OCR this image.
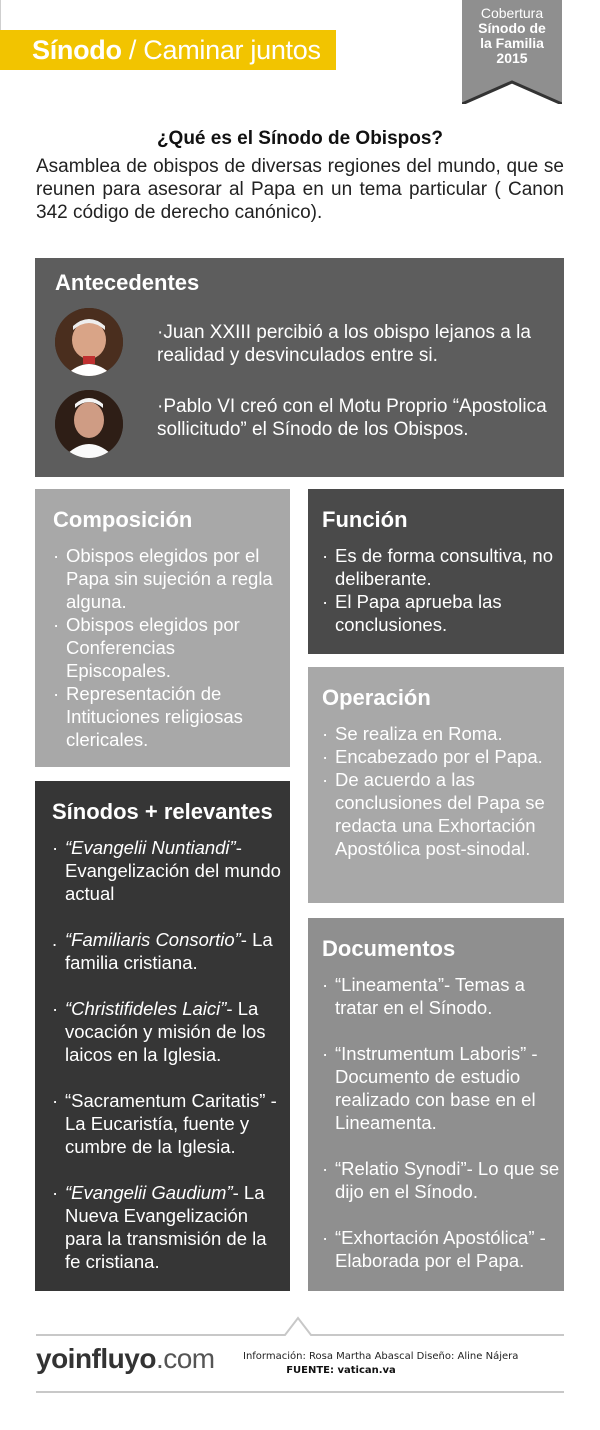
Sínodo / Caminar juntos
Cobertura
Sínodo de
la Familia
2015
¿Qué es el Sínodo de Obispos?
Asamblea de obispos de diversas regiones del mundo, que se reunen para asesorar al Papa en un tema particular ( Canon 342 código de derecho canónico).
Antecedentes
·Juan XXIII percibió a los obispo lejanos a la realidad y desvinculados entre si.
·Pablo VI creó con el Motu Proprio “Apostolica sollicitudo” el Sínodo de los Obispos.
Composición
· Obispos elegidos por el Papa sin sujeción a regla alguna.
· Obispos elegidos por Conferencias Episcopales.
· Representación de Intituciones religiosas clericales.
Función
· Es de forma consultiva, no deliberante.
· El Papa aprueba las conclusiones.
Operación
· Se realiza en Roma.
· Encabezado por el Papa.
· De acuerdo a las conclusiones del Papa se redacta una Exhortación Apostólica post-sinodal.
Sínodos + relevantes
· “Evangelii Nuntiandi”- Evangelización del mundo actual
. “Familiaris Consortio”- La familia cristiana.
· “Christifideles Laici”- La vocación y misión de los laicos en la Iglesia.
· “Sacramentum Caritatis” - La Eucaristía, fuente y cumbre de la Iglesia.
· “Evangelii Gaudium”- La Nueva Evangelización para la transmisión de la fe cristiana.
Documentos
· “Lineamenta”- Temas a tratar en el Sínodo.
· “Instrumentum Laboris” -Documento de estudio realizado con base en el Lineamenta.
· “Relatio Synodi”- Lo que se dijo en el Sínodo.
· “Exhortación Apostólica” - Elaborada por el Papa.
yoinfluyo.com	Información: Rosa Martha Abascal Diseño: Aline Nájera
FUENTE: vatican.va
